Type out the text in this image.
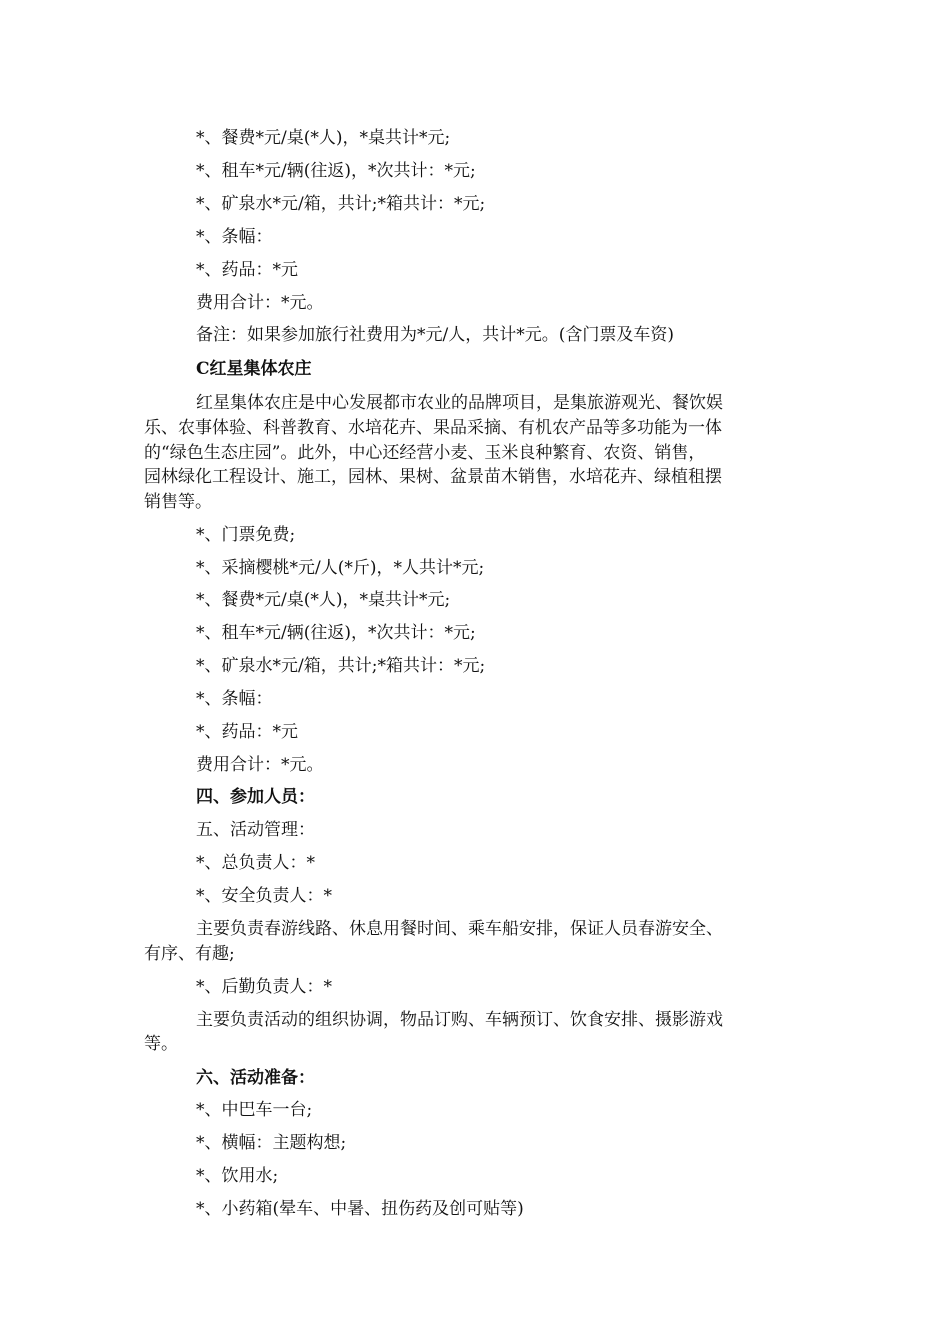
*、餐费*元/桌(*人)，*桌共计*元;
*、租车*元/辆(往返)，*次共计：*元;
*、矿泉水*元/箱，共计;*箱共计：*元;
*、条幅：
*、药品：*元
费用合计：*元。
备注：如果参加旅行社费用为*元/人，共计*元。(含门票及车资)
C红星集体农庄
红星集体农庄是中心发展都市农业的品牌项目，是集旅游观光、餐饮娱
乐、农事体验、科普教育、水培花卉、果品采摘、有机农产品等多功能为一体
的“绿色生态庄园”。此外，中心还经营小麦、玉米良种繁育、农资、销售，
园林绿化工程设计、施工，园林、果树、盆景苗木销售，水培花卉、绿植租摆
销售等。
*、门票免费;
*、采摘樱桃*元/人(*斤)，*人共计*元;
*、餐费*元/桌(*人)，*桌共计*元;
*、租车*元/辆(往返)，*次共计：*元;
*、矿泉水*元/箱，共计;*箱共计：*元;
*、条幅：
*、药品：*元
费用合计：*元。
四、参加人员：
五、活动管理：
*、总负责人：*
*、安全负责人：*
主要负责春游线路、休息用餐时间、乘车船安排，保证人员春游安全、
有序、有趣;
*、后勤负责人：*
主要负责活动的组织协调，物品订购、车辆预订、饮食安排、摄影游戏
等。
六、活动准备：
*、中巴车一台;
*、横幅：主题构想;
*、饮用水;
*、小药箱(晕车、中暑、扭伤药及创可贴等)
